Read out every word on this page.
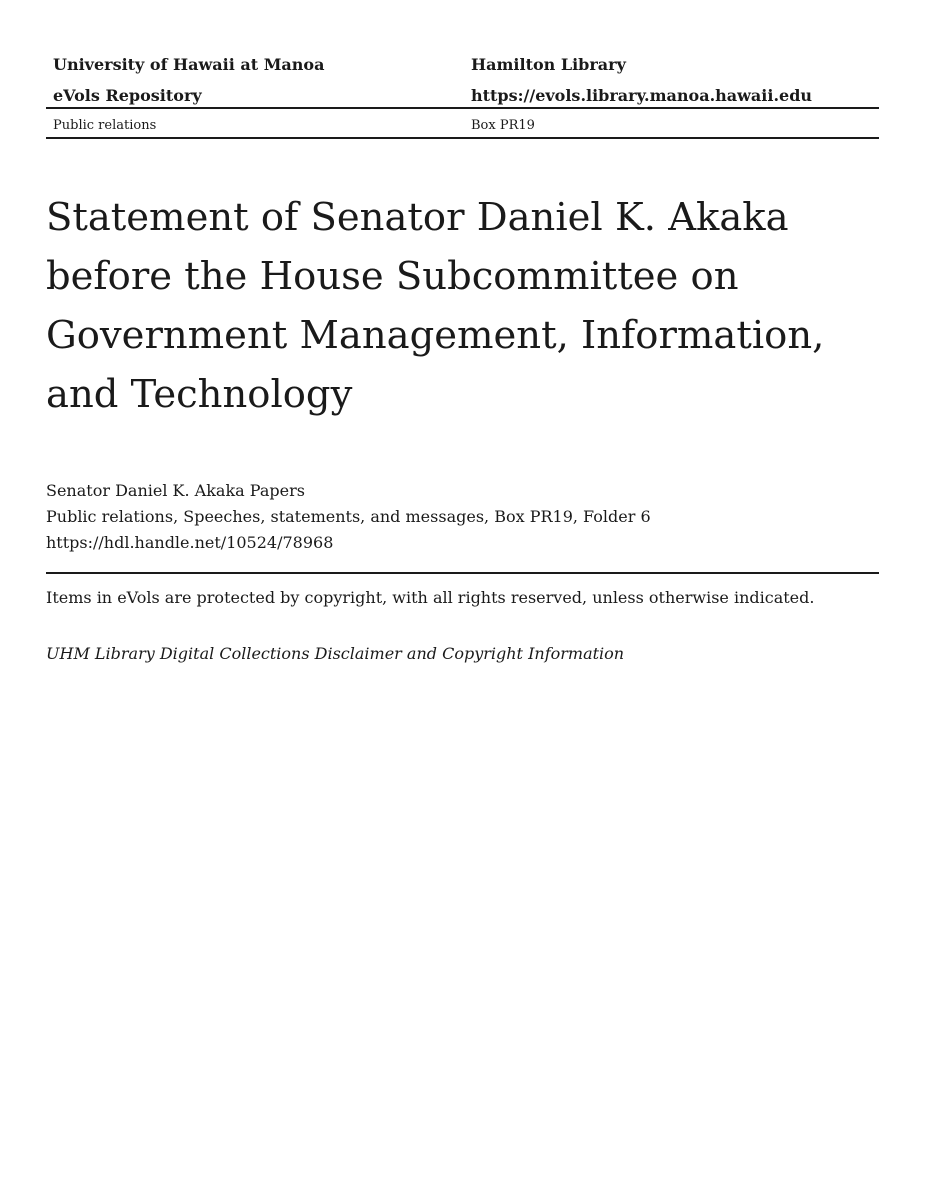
University of Hawaii at Manoa	Hamilton Library
eVols Repository	https://evols.library.manoa.hawaii.edu
Public relations	Box PR19
Statement of Senator Daniel K. Akaka before the House Subcommittee on Government Management, Information, and Technology
Senator Daniel K. Akaka Papers
Public relations, Speeches, statements, and messages, Box PR19, Folder 6
https://hdl.handle.net/10524/78968
Items in eVols are protected by copyright, with all rights reserved, unless otherwise indicated.
UHM Library Digital Collections Disclaimer and Copyright Information
